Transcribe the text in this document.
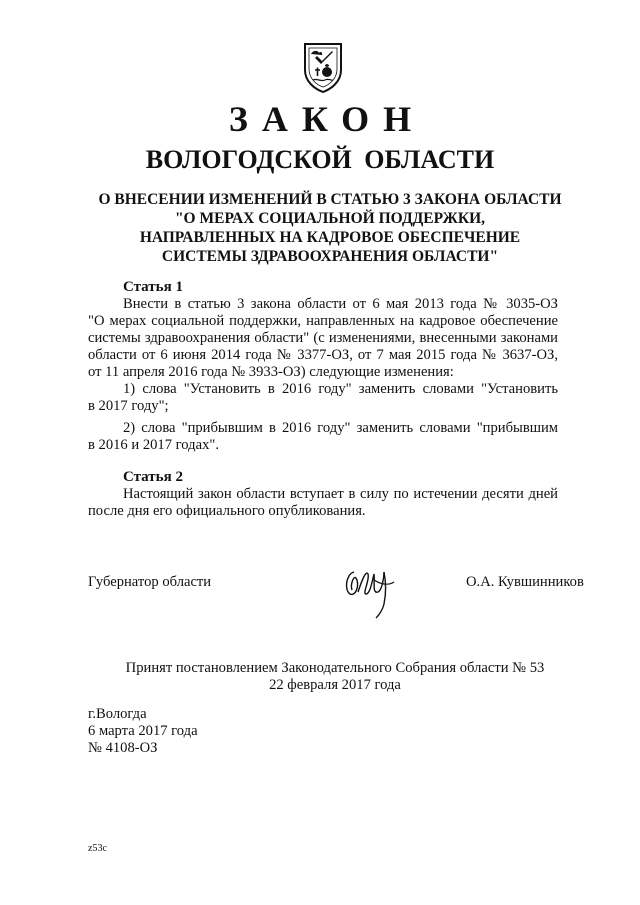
ЗАКОН
ВОЛОГОДСКОЙ ОБЛАСТИ
О ВНЕСЕНИИ ИЗМЕНЕНИЙ В СТАТЬЮ 3 ЗАКОНА ОБЛАСТИ
"О МЕРАХ СОЦИАЛЬНОЙ ПОДДЕРЖКИ,
НАПРАВЛЕННЫХ НА КАДРОВОЕ ОБЕСПЕЧЕНИЕ
СИСТЕМЫ ЗДРАВООХРАНЕНИЯ ОБЛАСТИ"
Статья 1
Внести в статью 3 закона области от 6 мая 2013 года № 3035-ОЗ
"О мерах социальной поддержки, направленных на кадровое обеспечение
системы здравоохранения области" (с изменениями, внесенными законами
области от 6 июня 2014 года № 3377-ОЗ, от 7 мая 2015 года № 3637-ОЗ,
от 11 апреля 2016 года № 3933-ОЗ) следующие изменения:
1) слова "Установить в 2016 году" заменить словами "Установить
в 2017 году";
2) слова "прибывшим в 2016 году" заменить словами "прибывшим
в 2016 и 2017 годах".
Статья 2
Настоящий закон области вступает в силу по истечении десяти дней
после дня его официального опубликования.
Губернатор области	О.А. Кувшинников
Принят постановлением Законодательного Собрания области № 53
22 февраля 2017 года
г.Вологда
6 марта 2017 года
№ 4108-ОЗ
z53c
